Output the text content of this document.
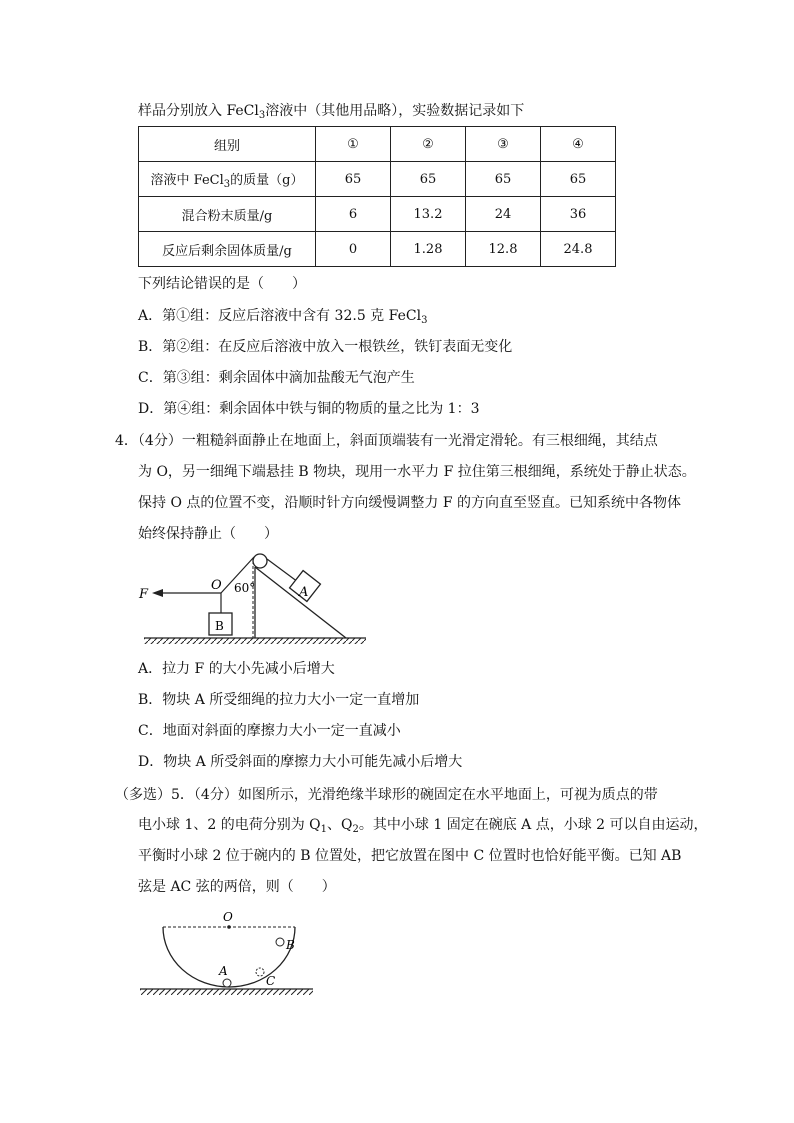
样品分别放入 FeCl$_3$溶液中（其他用品略），实验数据记录如下
组别	①	②	③	④
溶液中 FeCl$_3$的质量（g）	65	65	65	65
混合粉末质量/g	6	13.2	24	36
反应后剩余固体质量/g	0	1.28	12.8	24.8
下列结论错误的是（　　）
A．第①组：反应后溶液中含有 32.5 克 FeCl$_3$
B．第②组：在反应后溶液中放入一根铁丝，铁钉表面无变化
C．第③组：剩余固体中滴加盐酸无气泡产生
D．第④组：剩余固体中铁与铜的物质的量之比为 1：3
4．（4分）一粗糙斜面静止在地面上，斜面顶端装有一光滑定滑轮。有三根细绳，其结点
为 O，另一细绳下端悬挂 B 物块，现用一水平力 F 拉住第三根细绳，系统处于静止状态。
保持 O 点的位置不变，沿顺时针方向缓慢调整力 F 的方向直至竖直。已知系统中各物体
始终保持静止（　　）
A
F
B
O 60°
A．拉力 F 的大小先减小后增大
B．物块 A 所受细绳的拉力大小一定一直增加
C．地面对斜面的摩擦力大小一定一直减小
D．物块 A 所受斜面的摩擦力大小可能先减小后增大
（多选）5．（4分）如图所示，光滑绝缘半球形的碗固定在水平地面上，可视为质点的带
电小球 1、2 的电荷分别为 $Q_1$、$Q_2$。其中小球 1 固定在碗底 A 点，小球 2 可以自由运动，
平衡时小球 2 位于碗内的 B 位置处，把它放置在图中 C 位置时也恰好能平衡。已知 AB
弦是 AC 弦的两倍，则（　　）
O
A
B
C
